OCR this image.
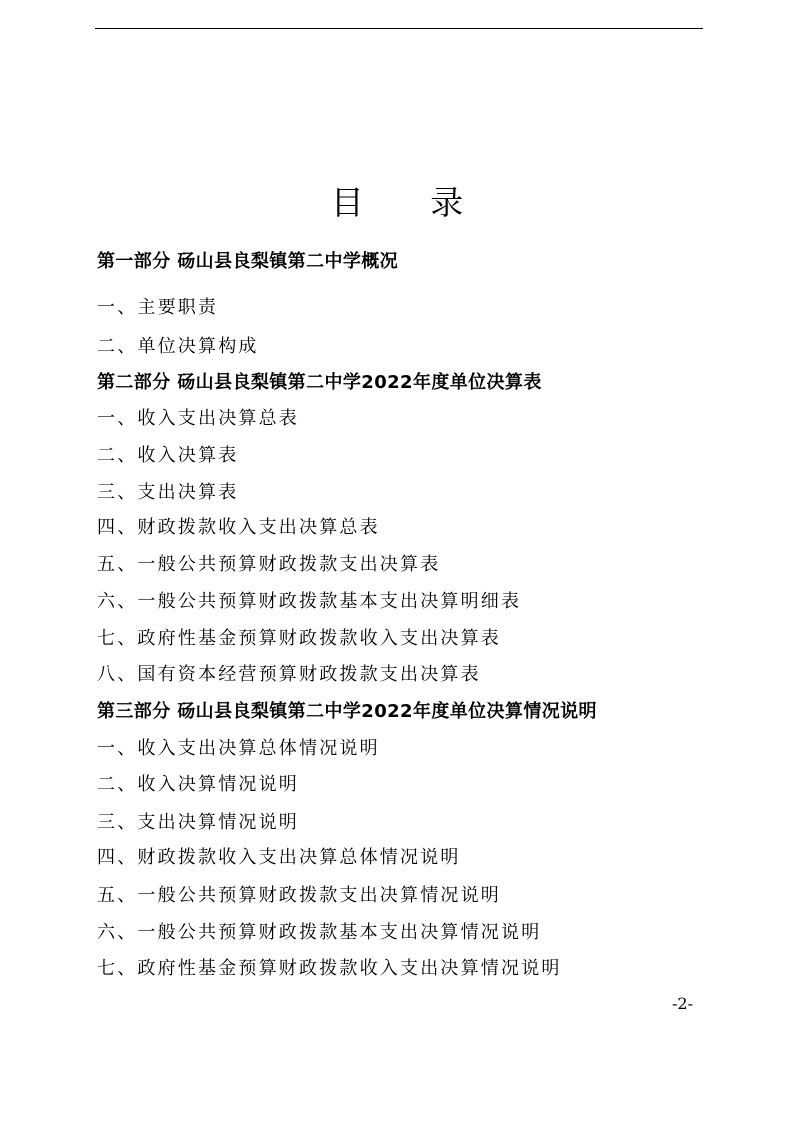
目 录
第一部分 砀山县良梨镇第二中学概况
一、主要职责
二、单位决算构成
第二部分 砀山县良梨镇第二中学2022年度单位决算表
一、收入支出决算总表
二、收入决算表
三、支出决算表
四、财政拨款收入支出决算总表
五、一般公共预算财政拨款支出决算表
六、一般公共预算财政拨款基本支出决算明细表
七、政府性基金预算财政拨款收入支出决算表
八、国有资本经营预算财政拨款支出决算表
第三部分 砀山县良梨镇第二中学2022年度单位决算情况说明
一、收入支出决算总体情况说明
二、收入决算情况说明
三、支出决算情况说明
四、财政拨款收入支出决算总体情况说明
五、一般公共预算财政拨款支出决算情况说明
六、一般公共预算财政拨款基本支出决算情况说明
七、政府性基金预算财政拨款收入支出决算情况说明
-2-
